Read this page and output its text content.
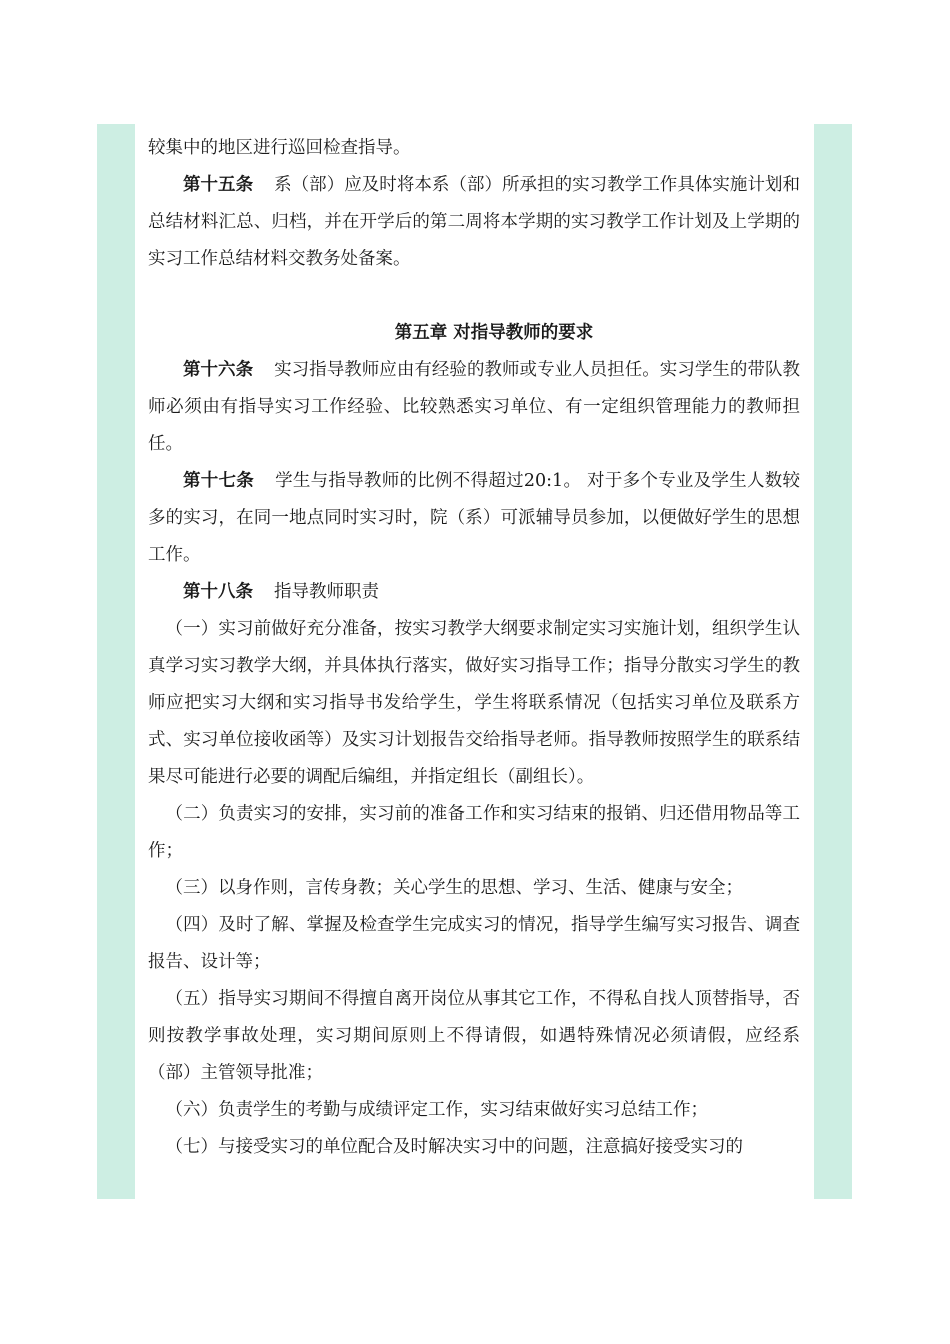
较集中的地区进行巡回检查指导。

第十五条 系（部）应及时将本系（部）所承担的实习教学工作具体实施计划和总结材料汇总、归档，并在开学后的第二周将本学期的实习教学工作计划及上学期的实习工作总结材料交教务处备案。

第五章 对指导教师的要求

第十六条 实习指导教师应由有经验的教师或专业人员担任。实习学生的带队教师必须由有指导实习工作经验、比较熟悉实习单位、有一定组织管理能力的教师担任。

第十七条 学生与指导教师的比例不得超过20:1。 对于多个专业及学生人数较多的实习，在同一地点同时实习时，院（系）可派辅导员参加，以便做好学生的思想工作。

第十八条 指导教师职责

（一）实习前做好充分准备，按实习教学大纲要求制定实习实施计划，组织学生认真学习实习教学大纲，并具体执行落实，做好实习指导工作；指导分散实习学生的教师应把实习大纲和实习指导书发给学生，学生将联系情况（包括实习单位及联系方式、实习单位接收函等）及实习计划报告交给指导老师。指导教师按照学生的联系结果尽可能进行必要的调配后编组，并指定组长（副组长）。

（二）负责实习的安排，实习前的准备工作和实习结束的报销、归还借用物品等工作；

（三）以身作则，言传身教；关心学生的思想、学习、生活、健康与安全；

（四）及时了解、掌握及检查学生完成实习的情况，指导学生编写实习报告、调查报告、设计等；

（五）指导实习期间不得擅自离开岗位从事其它工作，不得私自找人顶替指导，否则按教学事故处理，实习期间原则上不得请假，如遇特殊情况必须请假，应经系（部）主管领导批准；

（六）负责学生的考勤与成绩评定工作，实习结束做好实习总结工作；

（七）与接受实习的单位配合及时解决实习中的问题，注意搞好接受实习的
